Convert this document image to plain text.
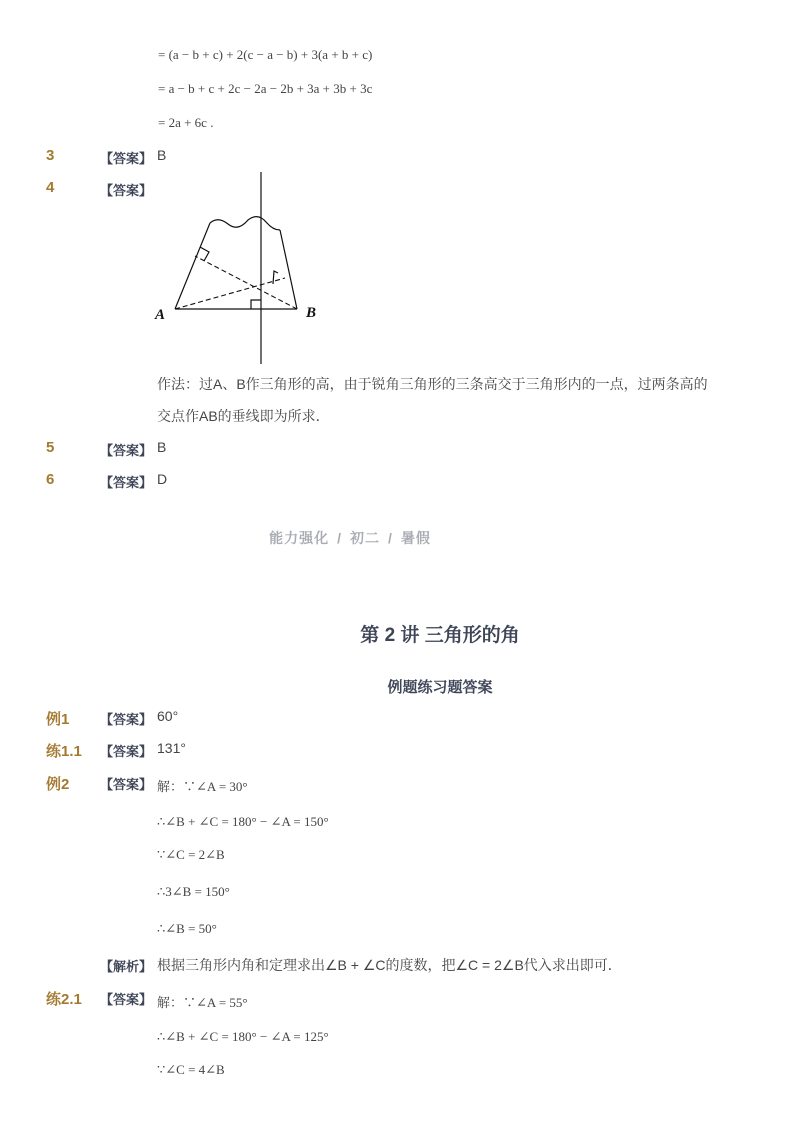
= (a − b + c) + 2(c − a − b) + 3(a + b + c)
= a − b + c + 2c − 2a − 2b + 3a + 3b + 3c
= 2a + 6c .
3	【答案】 B
4	【答案】
A	B
作法：过A、B作三角形的高，由于锐角三角形的三条高交于三角形内的一点，过两条高的
交点作AB的垂线即为所求．
5	【答案】 B
6	【答案】 D
能力强化 / 初二 / 暑假
第 2 讲 三角形的角
例题练习题答案
例1 【答案】 60°
练1.1 【答案】 131°
例2 【答案】 解：∵∠A = 30°
∴∠B + ∠C = 180° − ∠A = 150°
∵∠C = 2∠B
∴3∠B = 150°
∴∠B = 50°
【解析】 根据三角形内角和定理求出∠B + ∠C的度数，把∠C = 2∠B代入求出即可．
练2.1 【答案】 解：∵∠A = 55°
∴∠B + ∠C = 180° − ∠A = 125°
∵∠C = 4∠B
